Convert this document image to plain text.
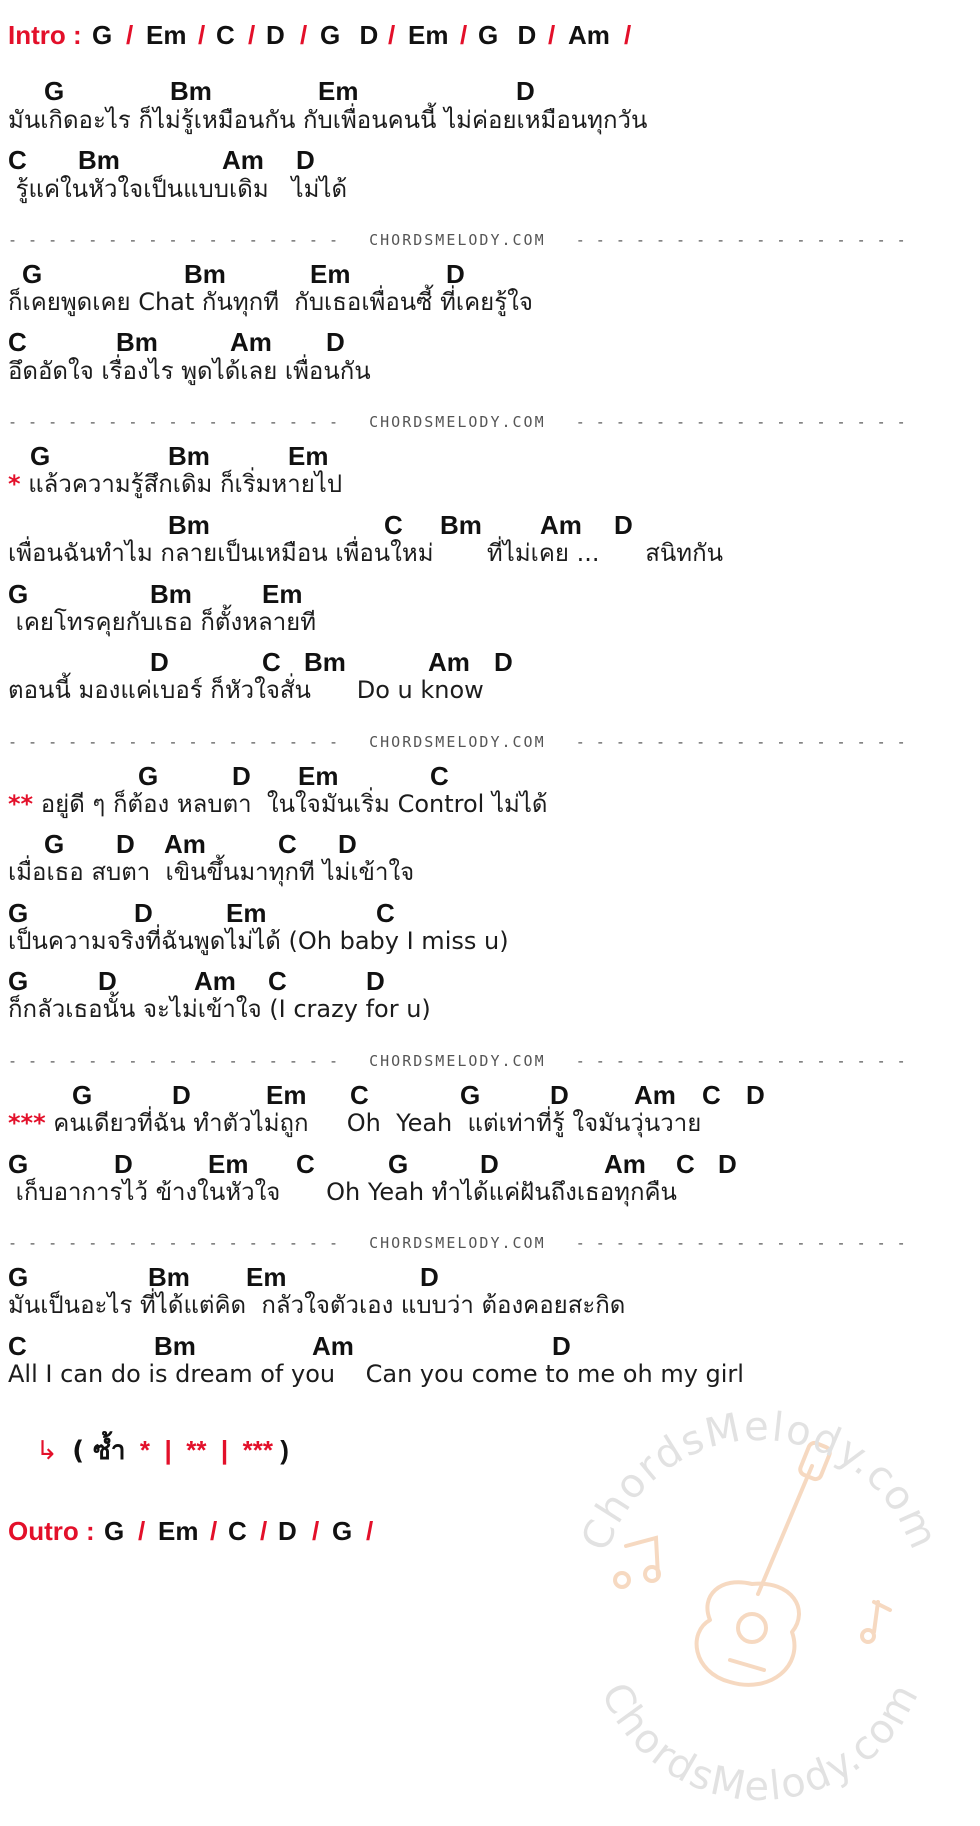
Intro : G / Em / C / D / G D / Em / G D / Am /
G	Bm	Em	D
มันเกิดอะไร ก็ไม่รู้เหมือนกัน กับเพื่อนคนนี้ ไม่ค่อยเหมือนทุกวัน
C Bm	Am D
รู้แค่ในหัวใจเป็นแบบเดิม   ไม่ได้
- - - - - - - - - - - - - - - - -   CHORDSMELODY.COM   - - - - - - - - - - - - - - - - -
G	Bm	Em	D
ก็เคยพูดเคย Chat กันทุกที  กับเธอเพื่อนซี้ ที่เคยรู้ใจ
C	Bm	Am D
อึดอัดใจ เรื่องไร พูดได้เลย เพื่อนกัน
- - - - - - - - - - - - - - - - -   CHORDSMELODY.COM   - - - - - - - - - - - - - - - - -
G	Bm	Em
* แล้วความรู้สึกเดิม ก็เริ่มหายไป
Bm	C Bm Am D
เพื่อนฉันทำไม กลายเป็นเหมือน เพื่อนใหม่       ที่ไม่เคย ...      สนิทกัน
G	Bm	Em
เคยโทรคุยกับเธอ ก็ตั้งหลายที
D	C Bm	Am D
ตอนนี้ มองแค่เบอร์ ก็หัวใจสั่น      Do u know
- - - - - - - - - - - - - - - - -   CHORDSMELODY.COM   - - - - - - - - - - - - - - - - -
G	D Em	C
** อยู่ดี ๆ ก็ต้อง หลบตา  ในใจมันเริ่ม Control ไม่ได้
G D Am	C D
เมื่อเธอ สบตา  เขินขึ้นมาทุกที ไม่เข้าใจ
G	D	Em	C
เป็นความจริงที่ฉันพูดไม่ได้ (Oh baby I miss u)
G	D	Am C	D
ก็กลัวเธอนั้น จะไม่เข้าใจ (I crazy for u)
- - - - - - - - - - - - - - - - -   CHORDSMELODY.COM   - - - - - - - - - - - - - - - - -
G	D	Em C	G	D	Am C D
*** คนเดียวที่ฉัน ทำตัวไม่ถูก     Oh  Yeah  แต่เท่าที่รู้ ใจมันวุ่นวาย
G	D	Em C	G	D	Am C D
เก็บอาการไว้ ข้างในหัวใจ      Oh Yeah ทำได้แค่ฝันถึงเธอทุกคืน
- - - - - - - - - - - - - - - - -   CHORDSMELODY.COM   - - - - - - - - - - - - - - - - -
G	Bm Em	D
มันเป็นอะไร ที่ได้แต่คิด  กลัวใจตัวเอง แบบว่า ต้องคอยสะกิด
C	Bm	Am	D
All I can do is dream of you    Can you come to me oh my girl
↳ ( ซ้ำ * | ** | *** )
Outro : G / Em / C / D / G /	ChordsMelody.com
ChordsMelody.com
